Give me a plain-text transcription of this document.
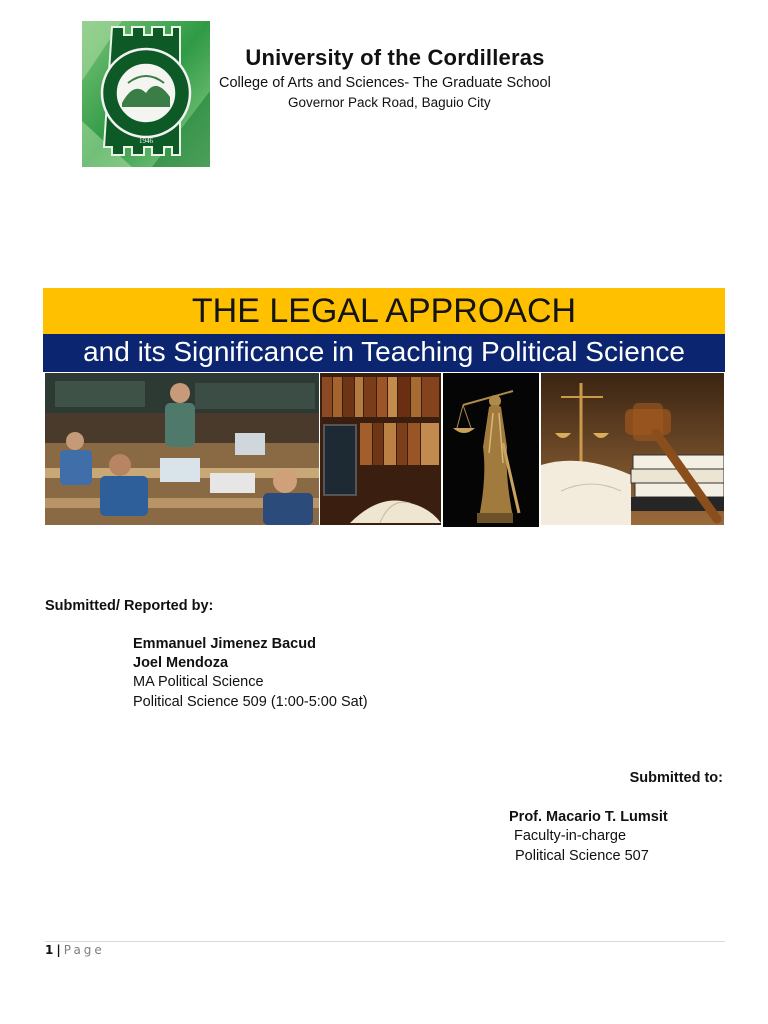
1946
University of the Cordilleras
College of Arts and Sciences- The Graduate School
Governor Pack Road, Baguio City
THE LEGAL APPROACH
and its Significance in Teaching Political Science
Submitted/ Reported by:
Emmanuel Jimenez Bacud
Joel Mendoza
MA Political Science
Political Science 509 (1:00-5:00 Sat)
Submitted to:
Prof. Macario T. Lumsit
Faculty-in-charge
Political Science 507
1 | Page
